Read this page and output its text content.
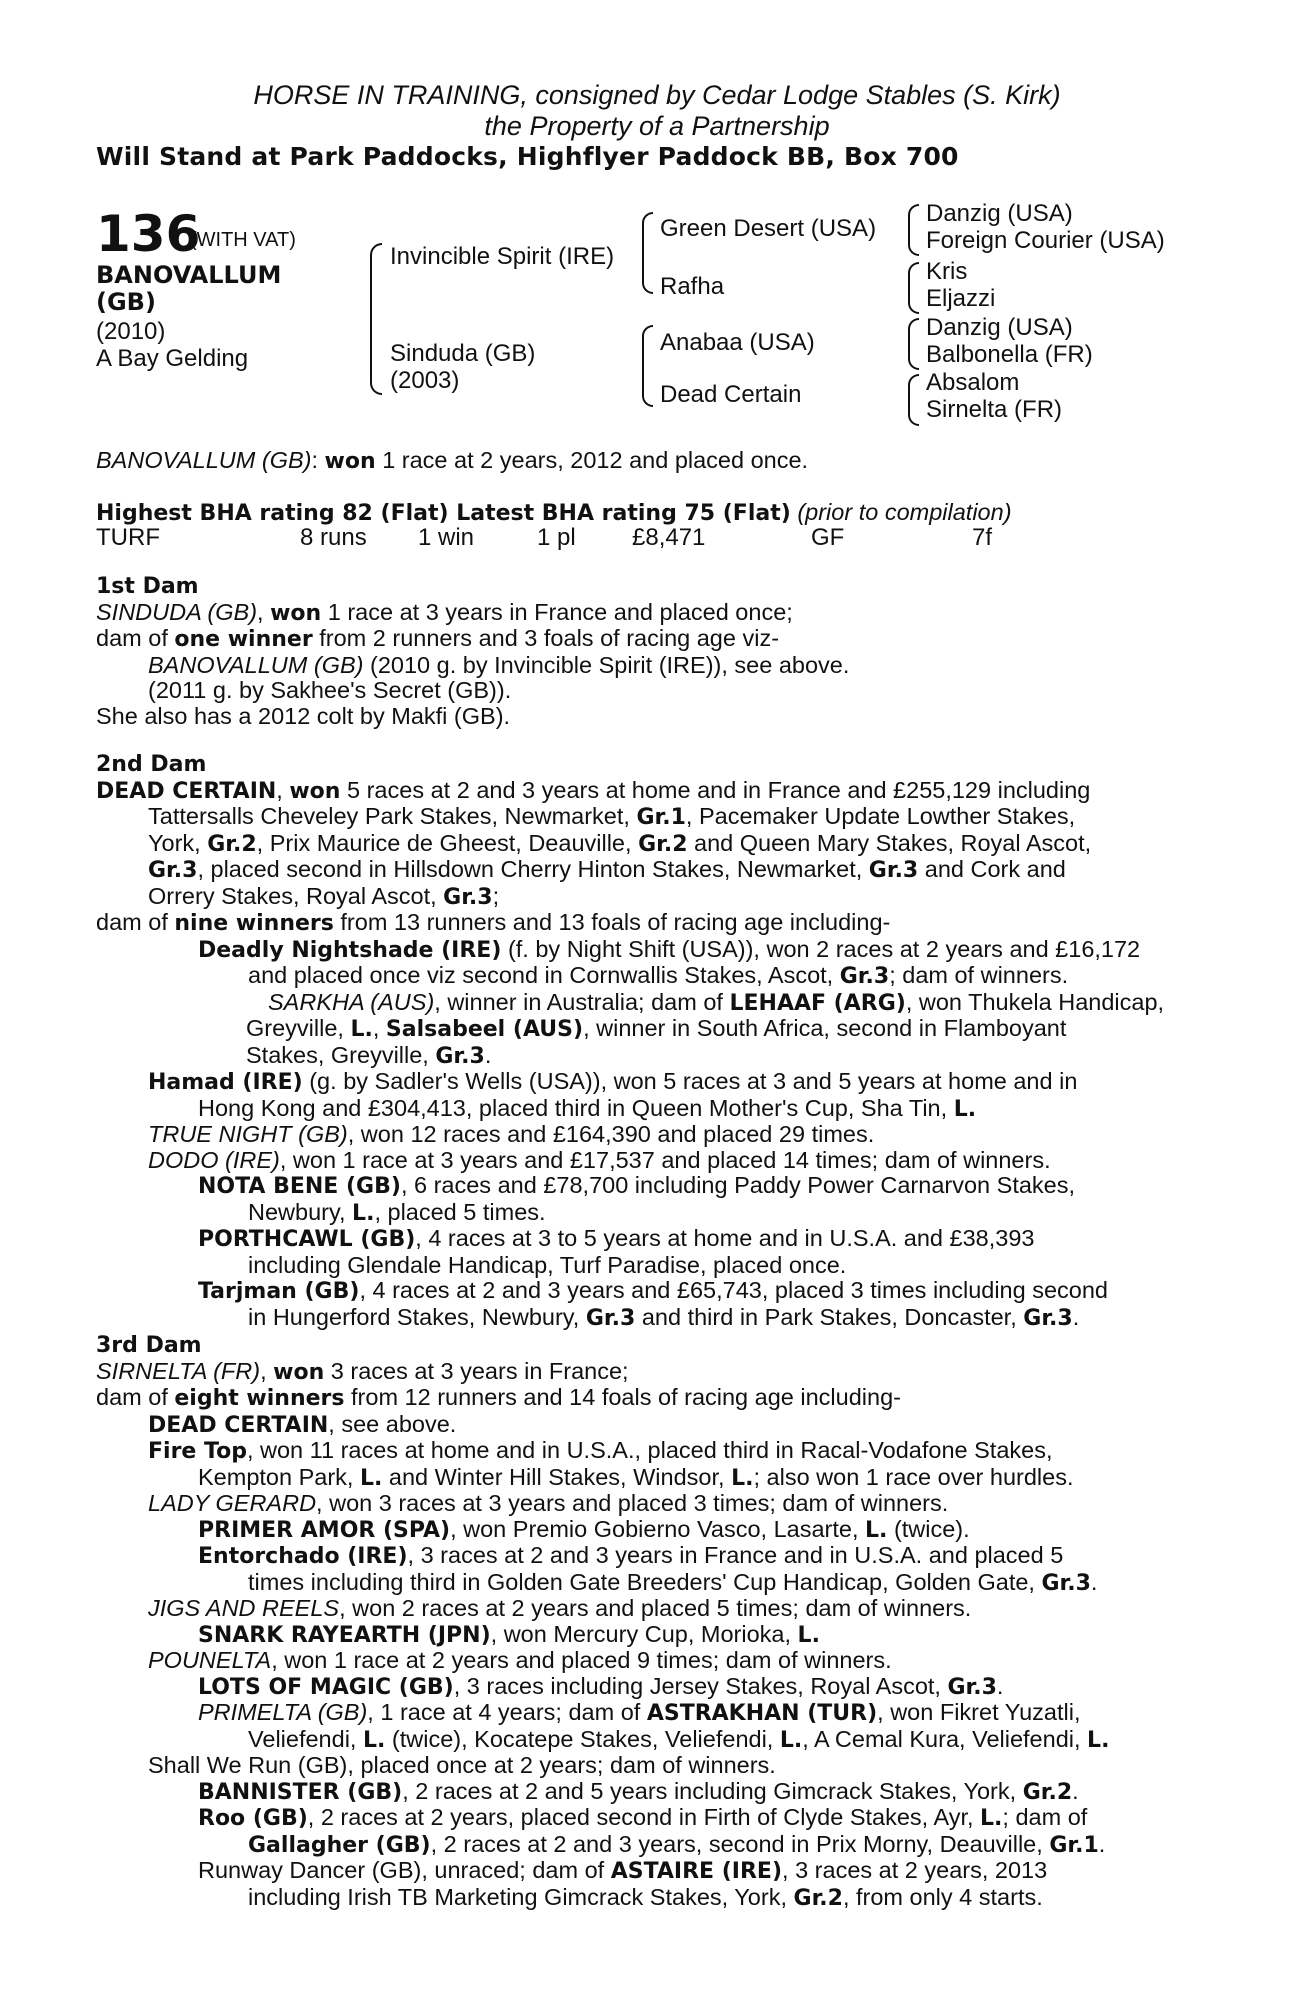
HORSE IN TRAINING, consigned by Cedar Lodge Stables (S. Kirk)
the Property of a Partnership
Will Stand at Park Paddocks, Highflyer Paddock BB, Box 700
136
(WITH VAT)
BANOVALLUM
(GB)
(2010)
A Bay Gelding
Invincible Spirit (IRE)
Sinduda (GB)
(2003)
Green Desert (USA)
Rafha
Anabaa (USA)
Dead Certain
Danzig (USA)
Foreign Courier (USA)
Kris
Eljazzi
Danzig (USA)
Balbonella (FR)
Absalom
Sirnelta (FR)
BANOVALLUM (GB): won 1 race at 2 years, 2012 and placed once.
Highest BHA rating 82 (Flat) Latest BHA rating 75 (Flat) (prior to compilation)
TURF	8 runs 1 win	1 pl £8,471	GF	7f
1st Dam
SINDUDA (GB), won 1 race at 3 years in France and placed once;
dam of one winner from 2 runners and 3 foals of racing age viz-
BANOVALLUM (GB) (2010 g. by Invincible Spirit (IRE)), see above.
(2011 g. by Sakhee's Secret (GB)).
She also has a 2012 colt by Makfi (GB).
2nd Dam
DEAD CERTAIN, won 5 races at 2 and 3 years at home and in France and £255,129 including
Tattersalls Cheveley Park Stakes, Newmarket, Gr.1, Pacemaker Update Lowther Stakes,
York, Gr.2, Prix Maurice de Gheest, Deauville, Gr.2 and Queen Mary Stakes, Royal Ascot,
Gr.3, placed second in Hillsdown Cherry Hinton Stakes, Newmarket, Gr.3 and Cork and
Orrery Stakes, Royal Ascot, Gr.3;
dam of nine winners from 13 runners and 13 foals of racing age including-
Deadly Nightshade (IRE) (f. by Night Shift (USA)), won 2 races at 2 years and £16,172
and placed once viz second in Cornwallis Stakes, Ascot, Gr.3; dam of winners.
SARKHA (AUS), winner in Australia; dam of LEHAAF (ARG), won Thukela Handicap,
Greyville, L., Salsabeel (AUS), winner in South Africa, second in Flamboyant
Stakes, Greyville, Gr.3.
Hamad (IRE) (g. by Sadler's Wells (USA)), won 5 races at 3 and 5 years at home and in
Hong Kong and £304,413, placed third in Queen Mother's Cup, Sha Tin, L.
TRUE NIGHT (GB), won 12 races and £164,390 and placed 29 times.
DODO (IRE), won 1 race at 3 years and £17,537 and placed 14 times; dam of winners.
NOTA BENE (GB), 6 races and £78,700 including Paddy Power Carnarvon Stakes,
Newbury, L., placed 5 times.
PORTHCAWL (GB), 4 races at 3 to 5 years at home and in U.S.A. and £38,393
including Glendale Handicap, Turf Paradise, placed once.
Tarjman (GB), 4 races at 2 and 3 years and £65,743, placed 3 times including second
in Hungerford Stakes, Newbury, Gr.3 and third in Park Stakes, Doncaster, Gr.3.
3rd Dam
SIRNELTA (FR), won 3 races at 3 years in France;
dam of eight winners from 12 runners and 14 foals of racing age including-
DEAD CERTAIN, see above.
Fire Top, won 11 races at home and in U.S.A., placed third in Racal-Vodafone Stakes,
Kempton Park, L. and Winter Hill Stakes, Windsor, L.; also won 1 race over hurdles.
LADY GERARD, won 3 races at 3 years and placed 3 times; dam of winners.
PRIMER AMOR (SPA), won Premio Gobierno Vasco, Lasarte, L. (twice).
Entorchado (IRE), 3 races at 2 and 3 years in France and in U.S.A. and placed 5
times including third in Golden Gate Breeders' Cup Handicap, Golden Gate, Gr.3.
JIGS AND REELS, won 2 races at 2 years and placed 5 times; dam of winners.
SNARK RAYEARTH (JPN), won Mercury Cup, Morioka, L.
POUNELTA, won 1 race at 2 years and placed 9 times; dam of winners.
LOTS OF MAGIC (GB), 3 races including Jersey Stakes, Royal Ascot, Gr.3.
PRIMELTA (GB), 1 race at 4 years; dam of ASTRAKHAN (TUR), won Fikret Yuzatli,
Veliefendi, L. (twice), Kocatepe Stakes, Veliefendi, L., A Cemal Kura, Veliefendi, L.
Shall We Run (GB), placed once at 2 years; dam of winners.
BANNISTER (GB), 2 races at 2 and 5 years including Gimcrack Stakes, York, Gr.2.
Roo (GB), 2 races at 2 years, placed second in Firth of Clyde Stakes, Ayr, L.; dam of
Gallagher (GB), 2 races at 2 and 3 years, second in Prix Morny, Deauville, Gr.1.
Runway Dancer (GB), unraced; dam of ASTAIRE (IRE), 3 races at 2 years, 2013
including Irish TB Marketing Gimcrack Stakes, York, Gr.2, from only 4 starts.
